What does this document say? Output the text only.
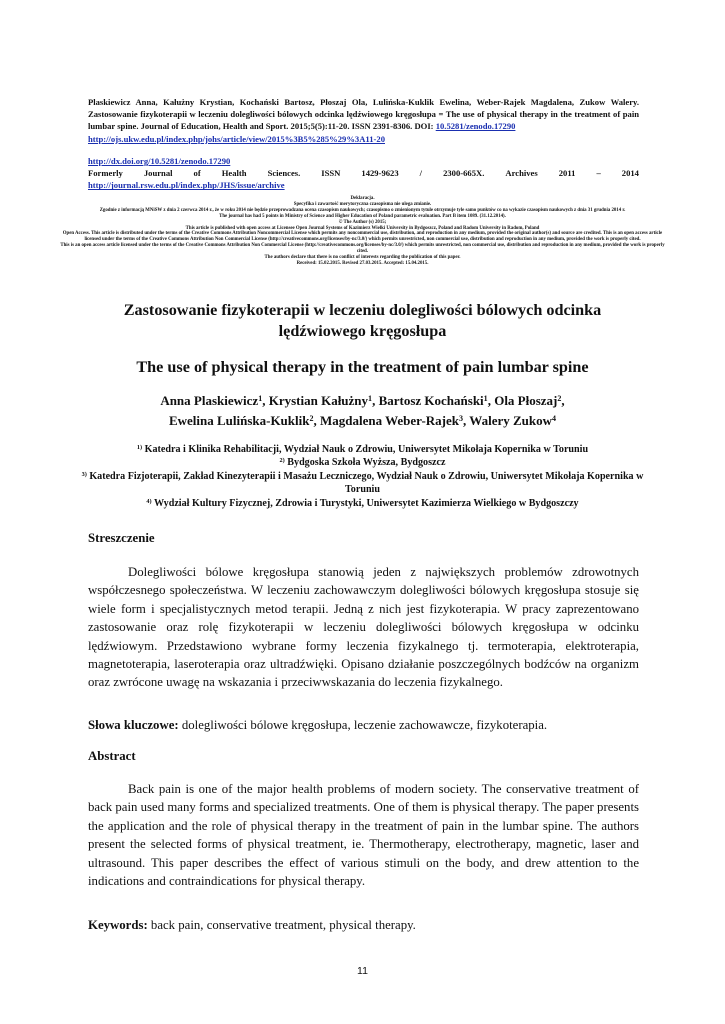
Plaskiewicz Anna, Kałużny Krystian, Kochański Bartosz, Płoszaj Ola, Lulińska-Kuklik Ewelina, Weber-Rajek Magdalena, Zukow Walery. Zastosowanie fizykoterapii w leczeniu dolegliwości bólowych odcinka lędźwiowego kręgosłupa = The use of physical therapy in the treatment of pain lumbar spine. Journal of Education, Health and Sport. 2015;5(5):11-20. ISSN 2391-8306. DOI: 10.5281/zenodo.17290

http://ojs.ukw.edu.pl/index.php/johs/article/view/2015%3B5%285%29%3A11-20

http://dx.doi.org/10.5281/zenodo.17290

Formerly Journal of Health Sciences. ISSN 1429-9623 / 2300-665X. Archives 2011 – 2014

http://journal.rsw.edu.pl/index.php/JHS/issue/archive

Deklaracja.

Specyfika i zawartość merytoryczna czasopisma nie ulega zmianie.

Zgodnie z informacją MNiSW z dnia 2 czerwca 2014 r., że w roku 2014 nie będzie przeprowadzana ocena czasopism naukowych; czasopismo o zmienionym tytule otrzymuje tyle samo punktów co na wykazie czasopism naukowych z dnia 31 grudnia 2014 r.

The journal has had 5 points in Ministry of Science and Higher Education of Poland parametric evaluation. Part B item 1089. (31.12.2014).

© The Author (s) 2015;

This article is published with open access at Licensee Open Journal Systems of Kazimierz Wielki University in Bydgoszcz, Poland and Radom University in Radom, Poland

Open Access. This article is distributed under the terms of the Creative Commons Attribution Noncommercial License which permits any noncommercial use, distribution, and reproduction in any medium, provided the original author(s) and source are credited. This is an open access article licensed under the terms of the Creative Commons Attribution Non Commercial License (http://creativecommons.org/licenses/by-nc/3.0/) which permits unrestricted, non commercial use, distribution and reproduction in any medium, provided the work is properly cited.

This is an open access article licensed under the terms of the Creative Commons Attribution Non Commercial License (http://creativecommons.org/licenses/by-nc/3.0/) which permits unrestricted, non commercial use, distribution and reproduction in any medium, provided the work is properly cited.

The authors declare that there is no conflict of interests regarding the publication of this paper.

Received: 15.02.2015. Revised 27.03.2015. Accepted: 15.04.2015.

Zastosowanie fizykoterapii w leczeniu dolegliwości bólowych odcinka lędźwiowego kręgosłupa
The use of physical therapy in the treatment of pain lumbar spine

Anna Plaskiewicz$^1$, Krystian Kałużny$^1$, Bartosz Kochański$^1$, Ola Płoszaj$^2$,

Ewelina Lulińska-Kuklik$^2$, Magdalena Weber-Rajek$^3$, Walery Zukow$^4$

$^{1)}$ Katedra i Klinika Rehabilitacji, Wydział Nauk o Zdrowiu, Uniwersytet Mikołaja Kopernika w Toruniu

$^{2)}$ Bydgoska Szkoła Wyższa, Bydgoszcz

$^{3)}$ Katedra Fizjoterapii, Zakład Kinezyterapii i Masażu Leczniczego, Wydział Nauk o Zdrowiu, Uniwersytet Mikołaja Kopernika w Toruniu

$^{4)}$ Wydział Kultury Fizycznej, Zdrowia i Turystyki, Uniwersytet Kazimierza Wielkiego w Bydgoszczy

Streszczenie

Dolegliwości bólowe kręgosłupa stanowią jeden z największych problemów zdrowotnych współczesnego społeczeństwa. W leczeniu zachowawczym dolegliwości bólowych kręgosłupa stosuje się wiele form i specjalistycznych metod terapii. Jedną z nich jest fizykoterapia. W pracy zaprezentowano zastosowanie oraz rolę fizykoterapii w leczeniu dolegliwości bólowych kręgosłupa w odcinku lędźwiowym. Przedstawiono wybrane formy leczenia fizykalnego tj. termoterapia, elektroterapia, magnetoterapia, laseroterapia oraz ultradźwięki. Opisano działanie poszczególnych bodźców na organizm oraz zwrócone uwagę na wskazania i przeciwwskazania do leczenia fizykalnego.

Słowa kluczowe: dolegliwości bólowe kręgosłupa, leczenie zachowawcze, fizykoterapia.

Abstract

Back pain is one of the major health problems of modern society. The conservative treatment of back pain used many forms and specialized treatments. One of them is physical therapy. The paper presents the application and the role of physical therapy in the treatment of pain in the lumbar spine. The authors present the selected forms of physical treatment, ie. Thermotherapy, electrotherapy, magnetic, laser and ultrasound. This paper describes the effect of various stimuli on the body, and drew attention to the indications and contraindications for physical therapy.

Keywords: back pain, conservative treatment, physical therapy.

11
